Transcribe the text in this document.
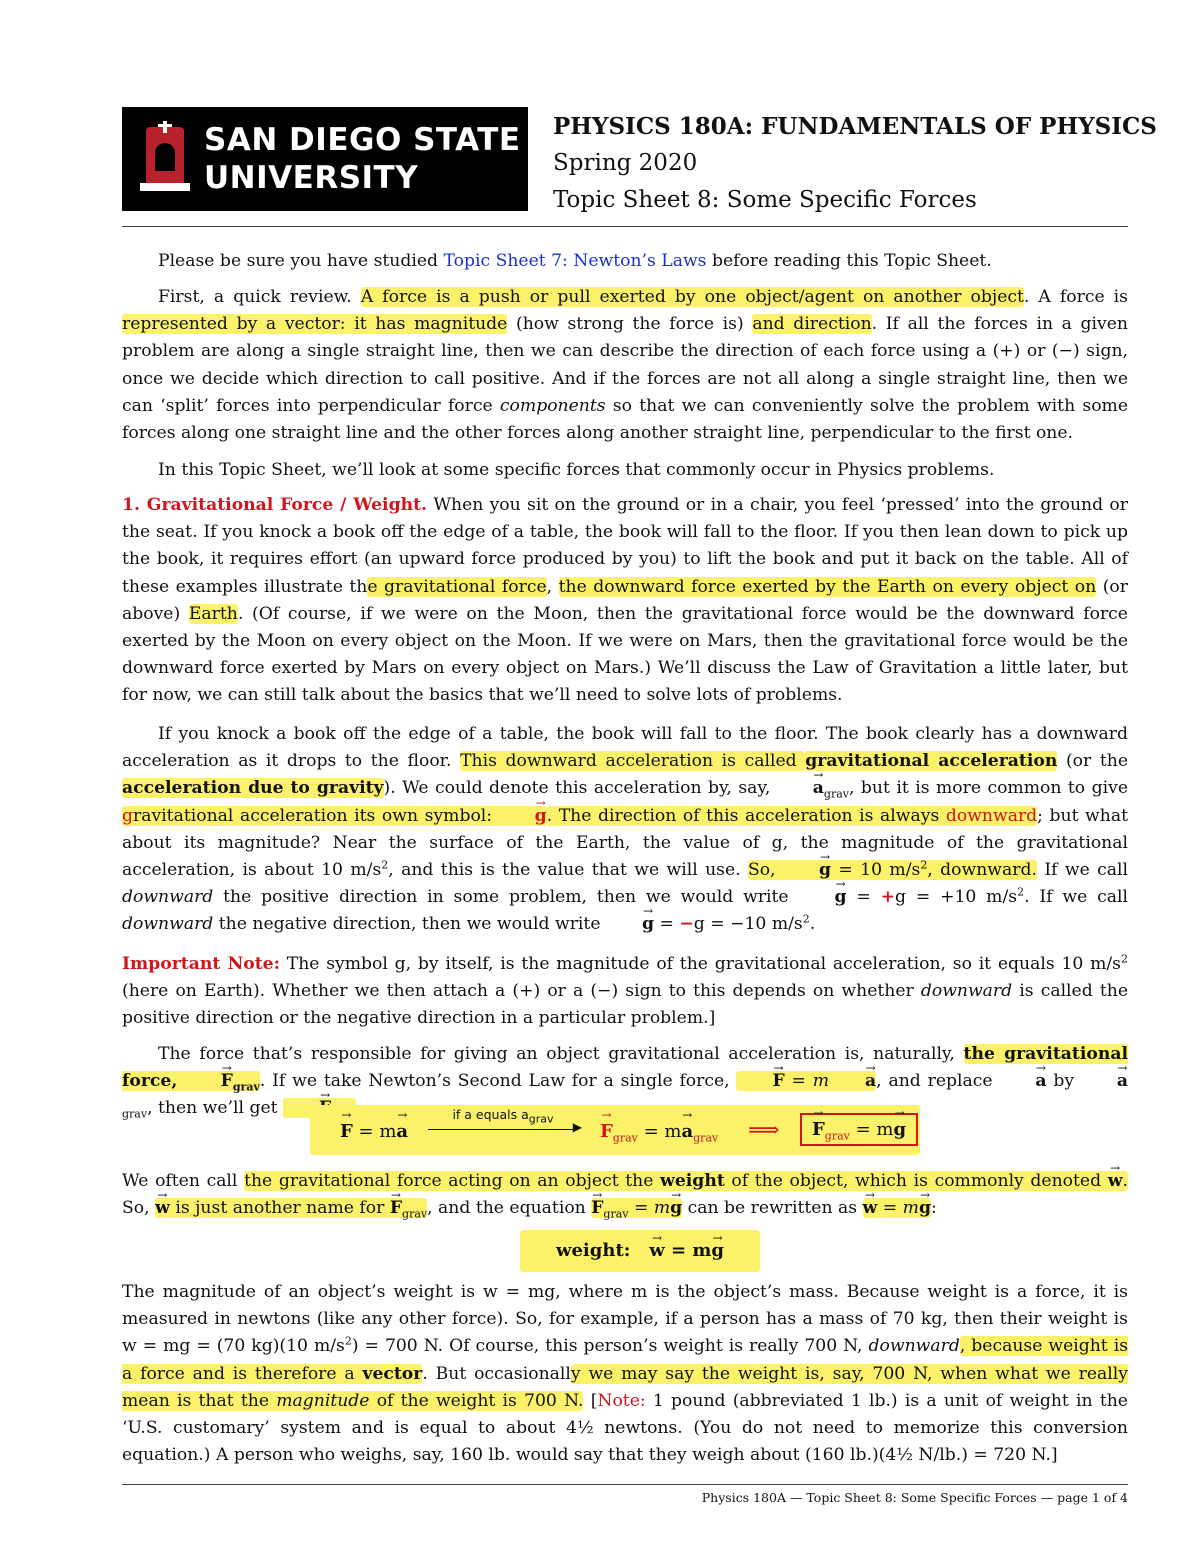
SAN DIEGO STATE
UNIVERSITY
PHYSICS 180A: FUNDAMENTALS OF PHYSICS
Spring 2020
Topic Sheet 8: Some Specific Forces
Please be sure you have studied Topic Sheet 7: Newton’s Laws before reading this Topic Sheet.
First, a quick review. A force is a push or pull exerted by one object/agent on another object. A force is represented by a vector: it has magnitude (how strong the force is) and direction. If all the forces in a given problem are along a single straight line, then we can describe the direction of each force using a (+) or (−) sign, once we decide which direction to call positive. And if the forces are not all along a single straight line, then we can ‘split’ forces into perpendicular force components so that we can conveniently solve the problem with some forces along one straight line and the other forces along another straight line, perpendicular to the first one.
In this Topic Sheet, we’ll look at some specific forces that commonly occur in Physics problems.
1. Gravitational Force / Weight. When you sit on the ground or in a chair, you feel ‘pressed’ into the ground or the seat. If you knock a book off the edge of a table, the book will fall to the floor. If you then lean down to pick up the book, it requires effort (an upward force produced by you) to lift the book and put it back on the table. All of these examples illustrate the gravitational force, the downward force exerted by the Earth on every object on (or above) Earth. (Of course, if we were on the Moon, then the gravitational force would be the downward force exerted by the Moon on every object on the Moon. If we were on Mars, then the gravitational force would be the downward force exerted by Mars on every object on Mars.) We’ll discuss the Law of Gravitation a little later, but for now, we can still talk about the basics that we’ll need to solve lots of problems.
If you knock a book off the edge of a table, the book will fall to the floor. The book clearly has a downward acceleration as it drops to the floor. This downward acceleration is called gravitational acceleration (or the acceleration due to gravity). We could denote this acceleration by, say, → $a_{grav}$, but it is more common to give gravitational acceleration its own symbol: → g. The direction of this acceleration is always downward; but what about its magnitude? Near the surface of the Earth, the value of g, the magnitude of the gravitational acceleration, is about 10 $m/s^2$, and this is the value that we will use. So, → g = 10 $m/s^2$, downward. If we call downward the positive direction in some problem, then we would write → g = +g = +10 $m/s^2$. If we call downward the negative direction, then we would write → g = −g = −10 $m/s^2$.
Important Note: The symbol g, by itself, is the magnitude of the gravitational acceleration, so it equals 10 $m/s^2$ (here on Earth). Whether we then attach a (+) or a (−) sign to this depends on whether downward is called the positive direction or the negative direction in a particular problem.]
The force that’s responsible for giving an object gravitational acceleration is, naturally, the gravitational force, → $F_{grav}$. If we take Newton’s Second Law for a single force, → F = m → a, and replace → a by → $a_{grav}$, then we’ll get →
→ F = m→ a
if a equals $a_{grav}$
▶ → $F_{grav} = m\to a_{grav}$ ⟹	→ $F_{grav} = m\to g$
We often call the gravitational force acting on an object the weight of the object, which is commonly denoted → w. So, → w is just another name for → $F_{grav}$, and the equation → $F_{grav} = m\to g$ can be rewritten as → w = m→ g:
weight: → w = m→ g
The magnitude of an object’s weight is w = mg, where m is the object’s mass. Because weight is a force, it is measured in newtons (like any other force). So, for example, if a person has a mass of 70 kg, then their weight is w = mg = (70 kg)(10 $m/s^2) = 700$ N. Of course, this person’s weight is really 700 N, downward, because weight is a force and is therefore a vector. But occasionally we may say the weight is, say, 700 N, when what we really mean is that the magnitude of the weight is 700 N. [Note: 1 pound (abbreviated 1 lb.) is a unit of weight in the ‘U.S. customary’ system and is equal to about 4½ newtons. (You do not need to memorize this conversion equation.) A person who weighs, say, 160 lb. would say that they weigh about (160 lb.)(4½ N/lb.) = 720 N.]
Physics 180A — Topic Sheet 8: Some Specific Forces — page 1 of 4
